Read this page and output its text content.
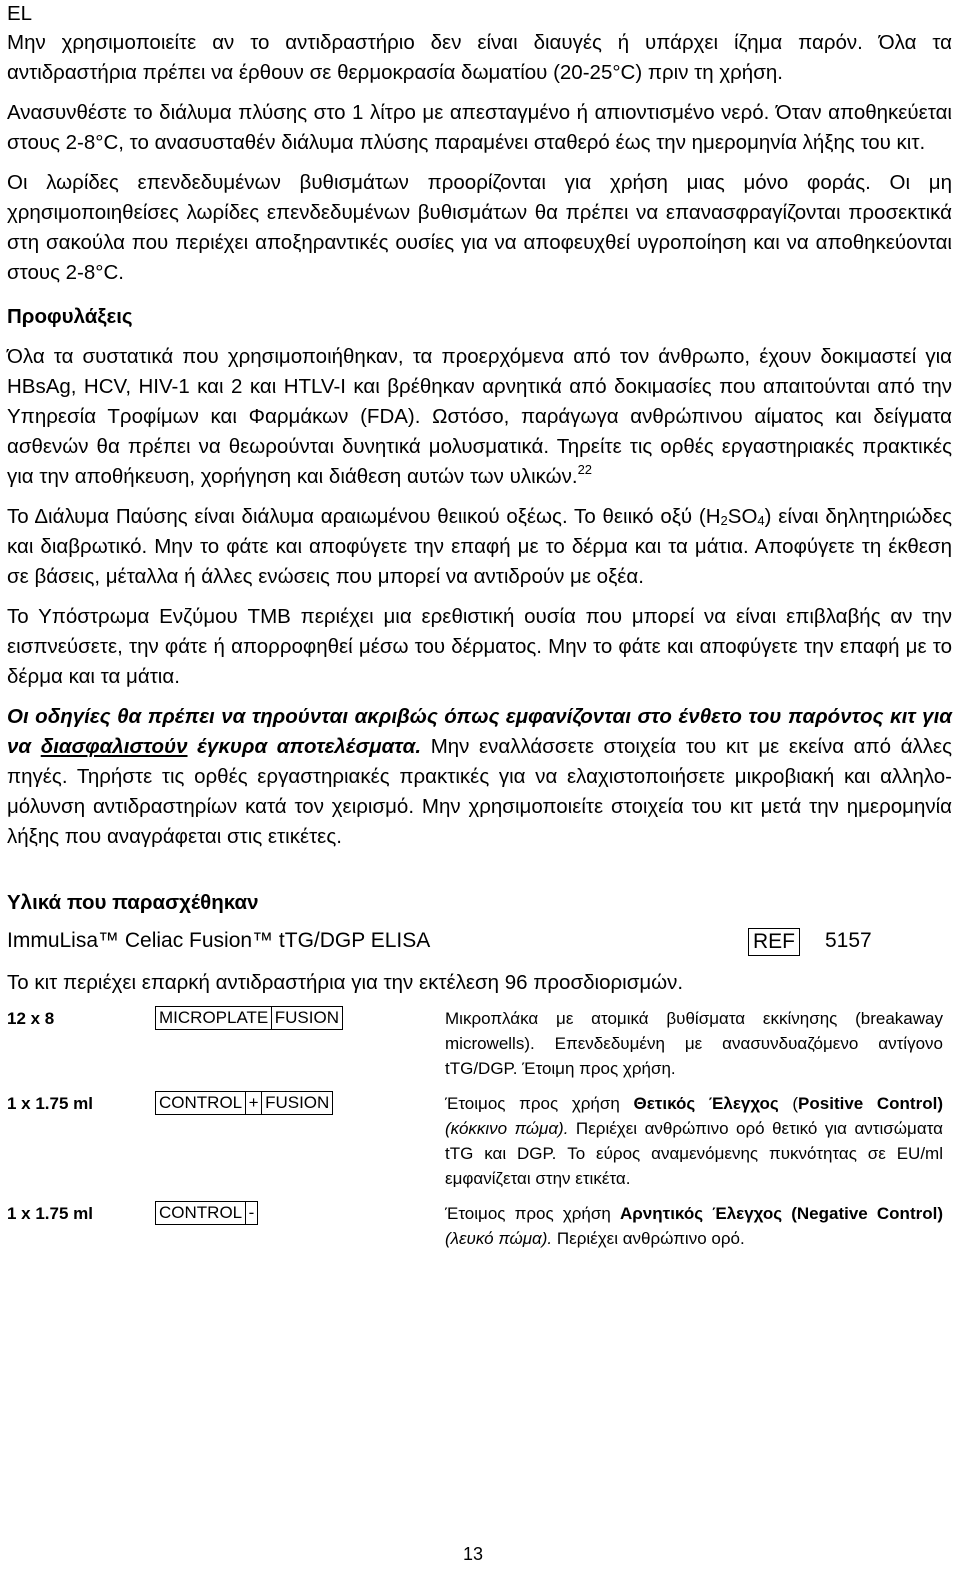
EL

Μην χρησιμοποιείτε αν το αντιδραστήριο δεν είναι διαυγές ή υπάρχει ίζημα παρόν. Όλα τα αντιδραστήρια πρέπει να έρθουν σε θερμοκρασία δωματίου (20-25°C) πριν τη χρήση.

Ανασυνθέστε το διάλυμα πλύσης στο 1 λίτρο με απεσταγμένο ή απιοντισμένο νερό. Όταν αποθηκεύεται στους 2-8°C, το ανασυσταθέν διάλυμα πλύσης παραμένει σταθερό έως την ημερομηνία λήξης του κιτ.

Οι λωρίδες επενδεδυμένων βυθισμάτων προορίζονται για χρήση μιας μόνο φοράς. Οι μη χρησιμοποιηθείσες λωρίδες επενδεδυμένων βυθισμάτων θα πρέπει να επανασφραγίζονται προσεκτικά στη σακούλα που περιέχει αποξηραντικές ουσίες για να αποφευχθεί υγροποίηση και να αποθηκεύονται στους 2-8°C.

Προφυλάξεις

Όλα τα συστατικά που χρησιμοποιήθηκαν, τα προερχόμενα από τον άνθρωπο, έχουν δοκιμαστεί για HBsAg, HCV, HIV-1 και 2 και HTLV-I και βρέθηκαν αρνητικά από δοκιμασίες που απαιτούνται από την Υπηρεσία Τροφίμων και Φαρμάκων (FDA). Ωστόσο, παράγωγα ανθρώπινου αίματος και δείγματα ασθενών θα πρέπει να θεωρούνται δυνητικά μολυσματικά. Τηρείτε τις ορθές εργαστηριακές πρακτικές για την αποθήκευση, χορήγηση και διάθεση αυτών των υλικών.$^{22}$

Το Διάλυμα Παύσης είναι διάλυμα αραιωμένου θειικού οξέως. Το θειικό οξύ $(H_2SO_4)$ είναι δηλητηριώδες και διαβρωτικό. Μην το φάτε και αποφύγετε την επαφή με το δέρμα και τα μάτια. Αποφύγετε τη έκθεση σε βάσεις, μέταλλα ή άλλες ενώσεις που μπορεί να αντιδρούν με οξέα.

Το Υπόστρωμα Ενζύμου TMB περιέχει μια ερεθιστική ουσία που μπορεί να είναι επιβλαβής αν την εισπνεύσετε, την φάτε ή απορροφηθεί μέσω του δέρματος. Μην το φάτε και αποφύγετε την επαφή με το δέρμα και τα μάτια.

Οι οδηγίες θα πρέπει να τηρούνται ακριβώς όπως εμφανίζονται στο ένθετο του παρόντος κιτ για να διασφαλιστούν έγκυρα αποτελέσματα. Μην εναλλάσσετε στοιχεία του κιτ με εκείνα από άλλες πηγές. Τηρήστε τις ορθές εργαστηριακές πρακτικές για να ελαχιστοποιήσετε μικροβιακή και αλληλο-μόλυνση αντιδραστηρίων κατά τον χειρισμό. Μην χρησιμοποιείτε στοιχεία του κιτ μετά την ημερομηνία λήξης που αναγράφεται στις ετικέτες.

Υλικά που παρασχέθηκαν

ImmuLisa™ Celiac Fusion™ tTG/DGP ELISA	REF 5157

Το κιτ περιέχει επαρκή αντιδραστήρια για την εκτέλεση 96 προσδιορισμών.

12 x 8	MICROPLATE FUSION	Μικροπλάκα με ατομικά βυθίσματα εκκίνησης (breakaway microwells). Επενδεδυμένη με ανασυνδυαζόμενο αντίγονο tTG/DGP. Έτοιμη προς χρήση.
1 x 1.75 ml	CONTROL + FUSION	Έτοιμος προς χρήση Θετικός Έλεγχος (Positive Control) (κόκκινο πώμα). Περιέχει ανθρώπινο ορό θετικό για αντισώματα tTG και DGP. Το εύρος αναμενόμενης πυκνότητας σε EU/ml εμφανίζεται στην ετικέτα.
1 x 1.75 ml	CONTROL -	Έτοιμος προς χρήση Αρνητικός Έλεγχος (Negative Control) (λευκό πώμα). Περιέχει ανθρώπινο ορό.
13
